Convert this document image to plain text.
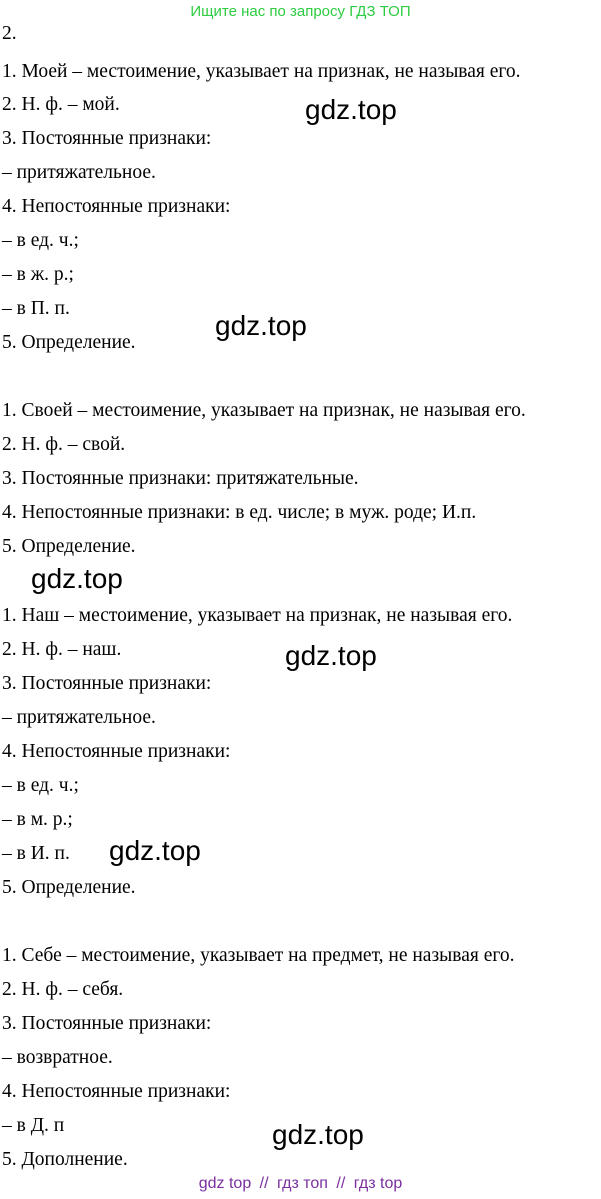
Ищите нас по запросу ГДЗ ТОП
2.
1. Моей – местоимение, указывает на признак, не называя его.
2. Н. ф. – мой.
3. Постоянные признаки:
– притяжательное.
4. Непостоянные признаки:
– в ед. ч.;
– в ж. р.;
– в П. п.
5. Определение.
1. Своей – местоимение, указывает на признак, не называя его.
2. Н. ф. – свой.
3. Постоянные признаки: притяжательные.
4. Непостоянные признаки: в ед. числе; в муж. роде; И.п.
5. Определение.
1. Наш – местоимение, указывает на признак, не называя его.
2. Н. ф. – наш.
3. Постоянные признаки:
– притяжательное.
4. Непостоянные признаки:
– в ед. ч.;
– в м. р.;
– в И. п.
5. Определение.
1. Себе – местоимение, указывает на предмет, не называя его.
2. Н. ф. – себя.
3. Постоянные признаки:
– возвратное.
4. Непостоянные признаки:
– в Д. п
5. Дополнение.
gdz.top
gdz.top
gdz.top
gdz.top
gdz.top
gdz.top
gdz top // гдз топ // гдз top
